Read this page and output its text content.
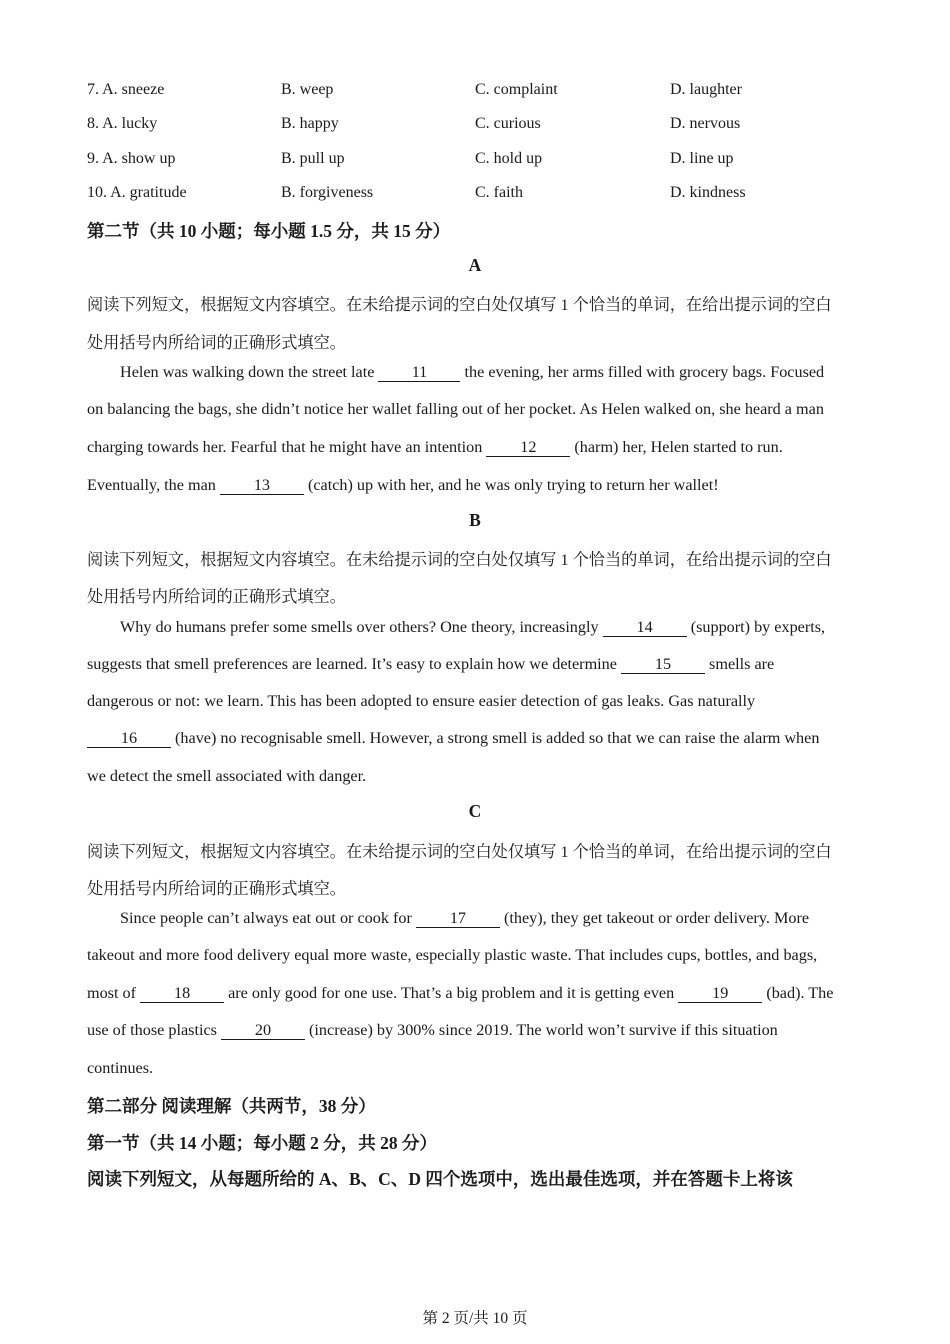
7. A. sneeze	B. weep	C. complaint	D. laughter
8. A. lucky	B. happy	C. curious	D. nervous
9. A. show up	B. pull up	C. hold up	D. line up
10. A. gratitude	B. forgiveness	C. faith	D. kindness
第二节（共 10 小题；每小题 1.5 分，共 15 分）
A
阅读下列短文，根据短文内容填空。在未给提示词的空白处仅填写 1 个恰当的单词，在给出提示词的空白
处用括号内所给词的正确形式填空。
Helen was walking down the street late 11 the evening, her arms filled with grocery bags. Focused
on balancing the bags, she didn’t notice her wallet falling out of her pocket. As Helen walked on, she heard a man
charging towards her. Fearful that he might have an intention 12 (harm) her, Helen started to run.
Eventually, the man 13 (catch) up with her, and he was only trying to return her wallet!
B
阅读下列短文，根据短文内容填空。在未给提示词的空白处仅填写 1 个恰当的单词，在给出提示词的空白
处用括号内所给词的正确形式填空。
Why do humans prefer some smells over others? One theory, increasingly 14 (support) by experts,
suggests that smell preferences are learned. It’s easy to explain how we determine 15 smells are
dangerous or not: we learn. This has been adopted to ensure easier detection of gas leaks. Gas naturally
16 (have) no recognisable smell. However, a strong smell is added so that we can raise the alarm when
we detect the smell associated with danger.
C
阅读下列短文，根据短文内容填空。在未给提示词的空白处仅填写 1 个恰当的单词，在给出提示词的空白
处用括号内所给词的正确形式填空。
Since people can’t always eat out or cook for 17 (they), they get takeout or order delivery. More
takeout and more food delivery equal more waste, especially plastic waste. That includes cups, bottles, and bags,
most of 18 are only good for one use. That’s a big problem and it is getting even 19 (bad). The
use of those plastics 20 (increase) by 300% since 2019. The world won’t survive if this situation
continues.
第二部分 阅读理解（共两节，38 分）
第一节（共 14 小题；每小题 2 分，共 28 分）
阅读下列短文，从每题所给的 A、B、C、D 四个选项中，选出最佳选项，并在答题卡上将该
第 2 页/共 10 页
